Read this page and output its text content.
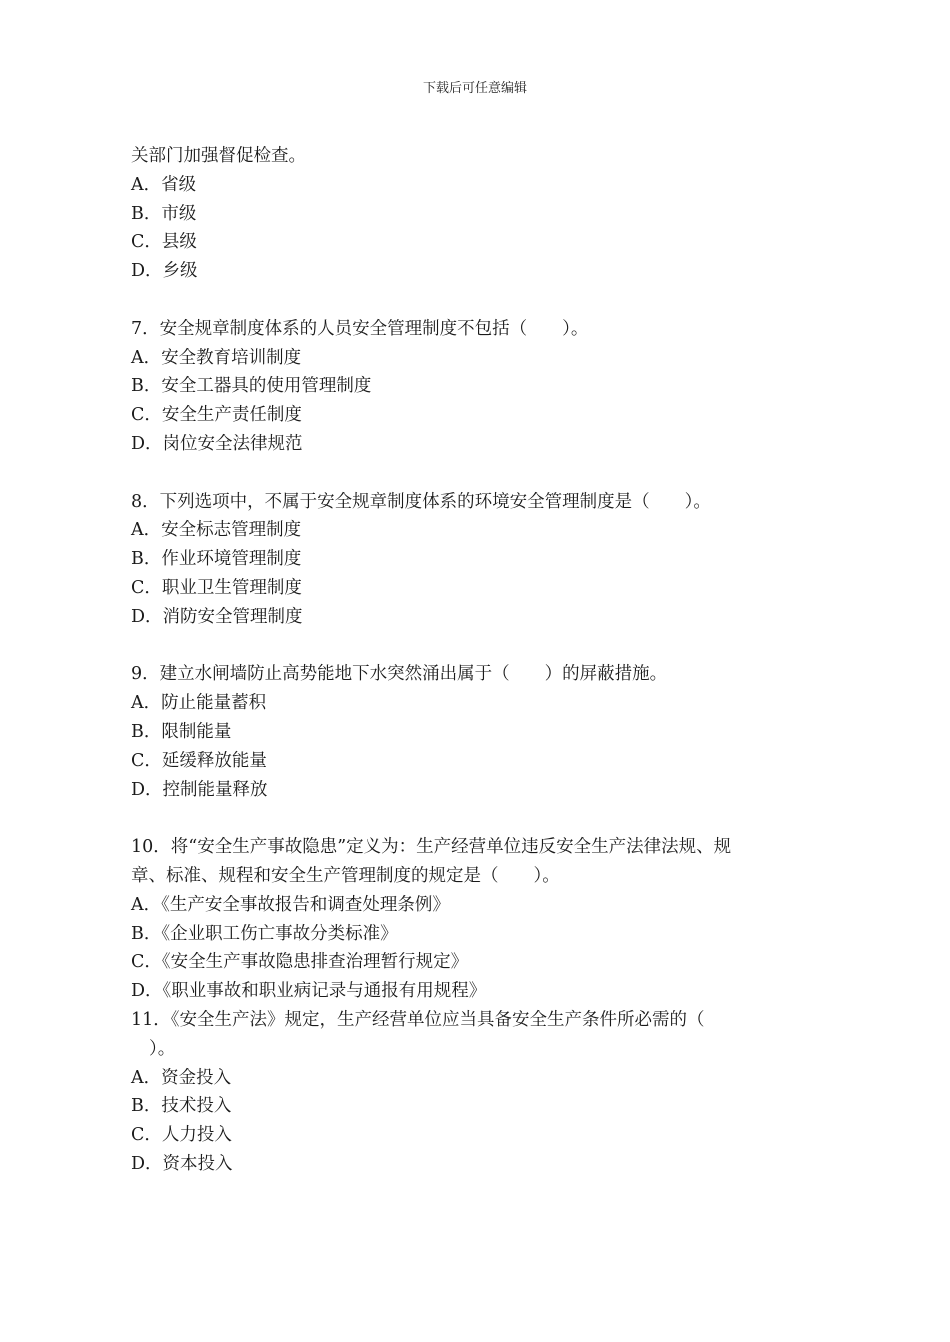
下载后可任意编辑
关部门加强督促检查。
A．省级
B．市级
C．县级
D．乡级
7．安全规章制度体系的人员安全管理制度不包括（　　）。
A．安全教育培训制度
B．安全工器具的使用管理制度
C．安全生产责任制度
D．岗位安全法律规范
8．下列选项中，不属于安全规章制度体系的环境安全管理制度是（　　）。
A．安全标志管理制度
B．作业环境管理制度
C．职业卫生管理制度
D．消防安全管理制度
9．建立水闸墙防止高势能地下水突然涌出属于（　　）的屏蔽措施。
A．防止能量蓄积
B．限制能量
C．延缓释放能量
D．控制能量释放
10．将“安全生产事故隐患”定义为：生产经营单位违反安全生产法律法规、规
章、标准、规程和安全生产管理制度的规定是（　　）。
A．《生产安全事故报告和调查处理条例》
B．《企业职工伤亡事故分类标准》
C．《安全生产事故隐患排查治理暂行规定》
D．《职业事故和职业病记录与通报有用规程》
11．《安全生产法》规定，生产经营单位应当具备安全生产条件所必需的（
）。
A．资金投入
B．技术投入
C．人力投入
D．资本投入
